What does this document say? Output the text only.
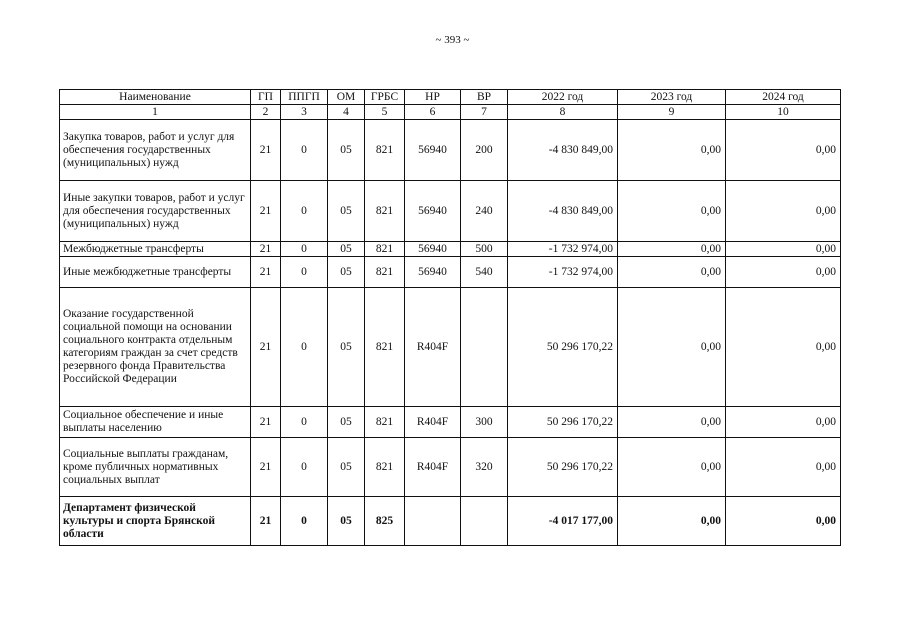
~ 393 ~
Наименование	ГП	ППГП	ОМ	ГРБС	НР	ВР	2022 год	2023 год	2024 год
1	2	3	4	5	6	7	8	9	10
Закупка товаров, работ и услуг для обеспечения государственных (муниципальных) нужд	21	0	05	821	56940	200	-4 830 849,00	0,00	0,00
Иные закупки товаров, работ и услуг для обеспечения государственных (муниципальных) нужд	21	0	05	821	56940	240	-4 830 849,00	0,00	0,00
Межбюджетные трансферты	21	0	05	821	56940	500	-1 732 974,00	0,00	0,00
Иные межбюджетные трансферты	21	0	05	821	56940	540	-1 732 974,00	0,00	0,00
Оказание государственной социальной помощи на основании социального контракта отдельным категориям граждан за счет средств резервного фонда Правительства Российской Федерации	21	0	05	821	R404F		50 296 170,22	0,00	0,00
Социальное обеспечение и иные выплаты населению	21	0	05	821	R404F	300	50 296 170,22	0,00	0,00
Социальные выплаты гражданам, кроме публичных нормативных социальных выплат	21	0	05	821	R404F	320	50 296 170,22	0,00	0,00
Департамент физической культуры и спорта Брянской области	21	0	05	825			-4 017 177,00	0,00	0,00
